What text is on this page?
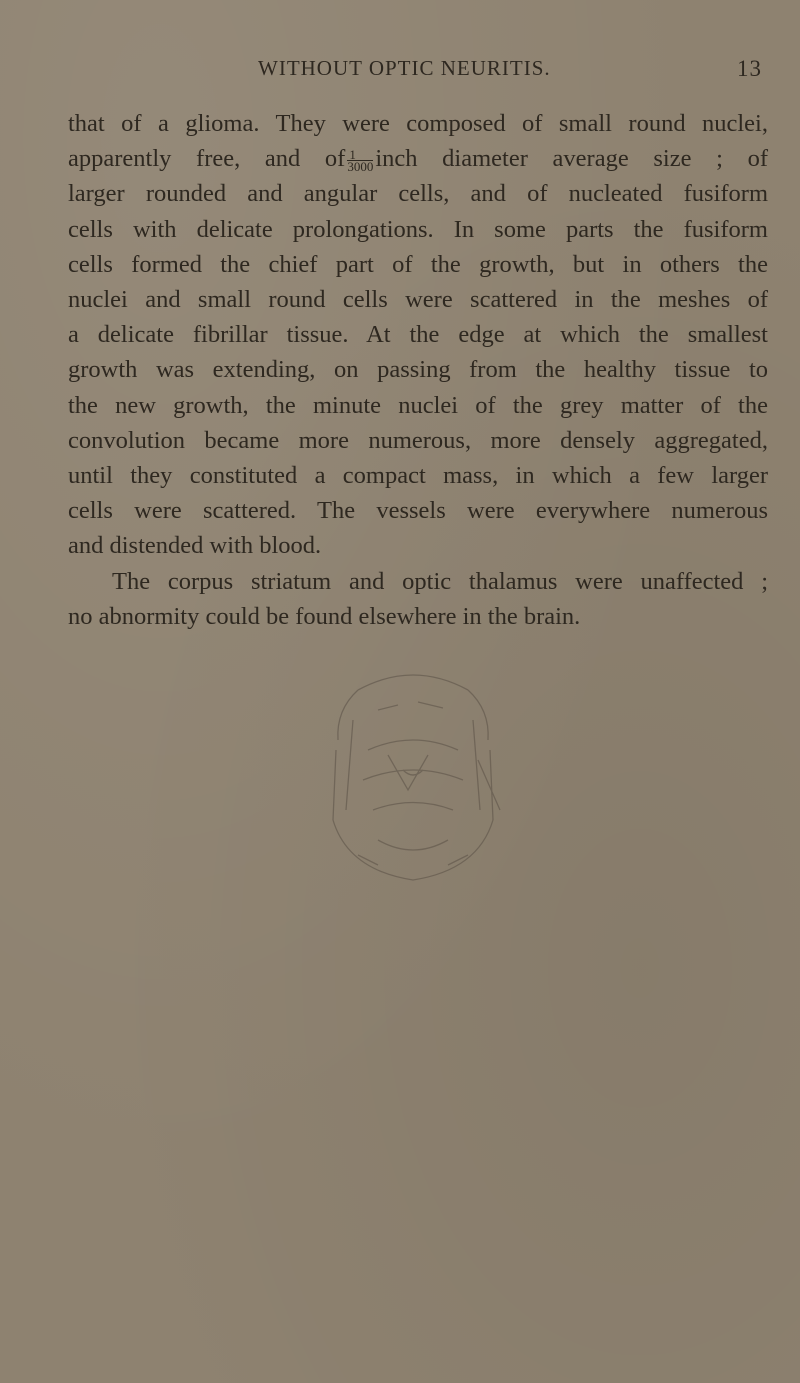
WITHOUT OPTIC NEURITIS.	13
that of a glioma. They were composed of small round nuclei,
apparently free, and of $\frac{1}{3000}$ inch diameter average size ; of
larger rounded and angular cells, and of nucleated fusiform
cells with delicate prolongations. In some parts the fusiform
cells formed the chief part of the growth, but in others the
nuclei and small round cells were scattered in the meshes of
a delicate fibrillar tissue. At the edge at which the smallest
growth was extending, on passing from the healthy tissue to
the new growth, the minute nuclei of the grey matter of the
convolution became more numerous, more densely aggregated,
until they constituted a compact mass, in which a few larger
cells were scattered. The vessels were everywhere numerous
and distended with blood.
The corpus striatum and optic thalamus were unaffected ;
no abnormity could be found elsewhere in the brain.
